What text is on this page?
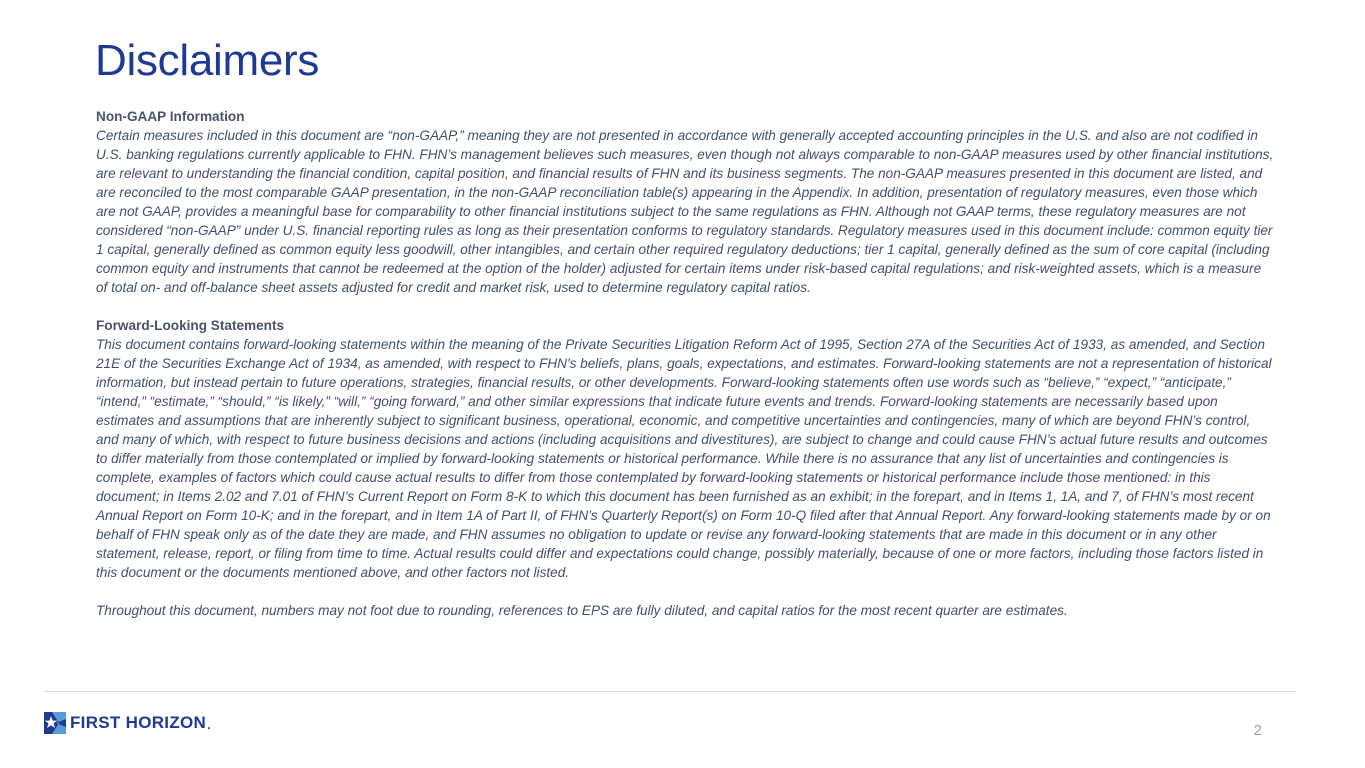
Disclaimers

Non-GAAP Information

Certain measures included in this document are “non-GAAP,” meaning they are not presented in accordance with generally accepted accounting principles in the U.S. and also are not codified in U.S. banking regulations currently applicable to FHN. FHN’s management believes such measures, even though not always comparable to non-GAAP measures used by other financial institutions, are relevant to understanding the financial condition, capital position, and financial results of FHN and its business segments. The non-GAAP measures presented in this document are listed, and are reconciled to the most comparable GAAP presentation, in the non-GAAP reconciliation table(s) appearing in the Appendix. In addition, presentation of regulatory measures, even those which are not GAAP, provides a meaningful base for comparability to other financial institutions subject to the same regulations as FHN. Although not GAAP terms, these regulatory measures are not considered “non-GAAP” under U.S. financial reporting rules as long as their presentation conforms to regulatory standards. Regulatory measures used in this document include: common equity tier 1 capital, generally defined as common equity less goodwill, other intangibles, and certain other required regulatory deductions; tier 1 capital, generally defined as the sum of core capital (including common equity and instruments that cannot be redeemed at the option of the holder) adjusted for certain items under risk-based capital regulations; and risk-weighted assets, which is a measure of total on- and off-balance sheet assets adjusted for credit and market risk, used to determine regulatory capital ratios.

Forward-Looking Statements

This document contains forward-looking statements within the meaning of the Private Securities Litigation Reform Act of 1995, Section 27A of the Securities Act of 1933, as amended, and Section 21E of the Securities Exchange Act of 1934, as amended, with respect to FHN's beliefs, plans, goals, expectations, and estimates. Forward-looking statements are not a representation of historical information, but instead pertain to future operations, strategies, financial results, or other developments. Forward-looking statements often use words such as “believe,” “expect,” “anticipate,” “intend,” “estimate,” “should,” “is likely,” “will,” “going forward,” and other similar expressions that indicate future events and trends. Forward-looking statements are necessarily based upon estimates and assumptions that are inherently subject to significant business, operational, economic, and competitive uncertainties and contingencies, many of which are beyond FHN’s control, and many of which, with respect to future business decisions and actions (including acquisitions and divestitures), are subject to change and could cause FHN’s actual future results and outcomes to differ materially from those contemplated or implied by forward-looking statements or historical performance. While there is no assurance that any list of uncertainties and contingencies is complete, examples of factors which could cause actual results to differ from those contemplated by forward-looking statements or historical performance include those mentioned: in this document; in Items 2.02 and 7.01 of FHN’s Current Report on Form 8-K to which this document has been furnished as an exhibit; in the forepart, and in Items 1, 1A, and 7, of FHN’s most recent Annual Report on Form 10-K; and in the forepart, and in Item 1A of Part II, of FHN’s Quarterly Report(s) on Form 10-Q filed after that Annual Report. Any forward-looking statements made by or on behalf of FHN speak only as of the date they are made, and FHN assumes no obligation to update or revise any forward-looking statements that are made in this document or in any other statement, release, report, or filing from time to time. Actual results could differ and expectations could change, possibly materially, because of one or more factors, including those factors listed in this document or the documents mentioned above, and other factors not listed.

Throughout this document, numbers may not foot due to rounding, references to EPS are fully diluted, and capital ratios for the most recent quarter are estimates.

FIRST HORIZON .	2
